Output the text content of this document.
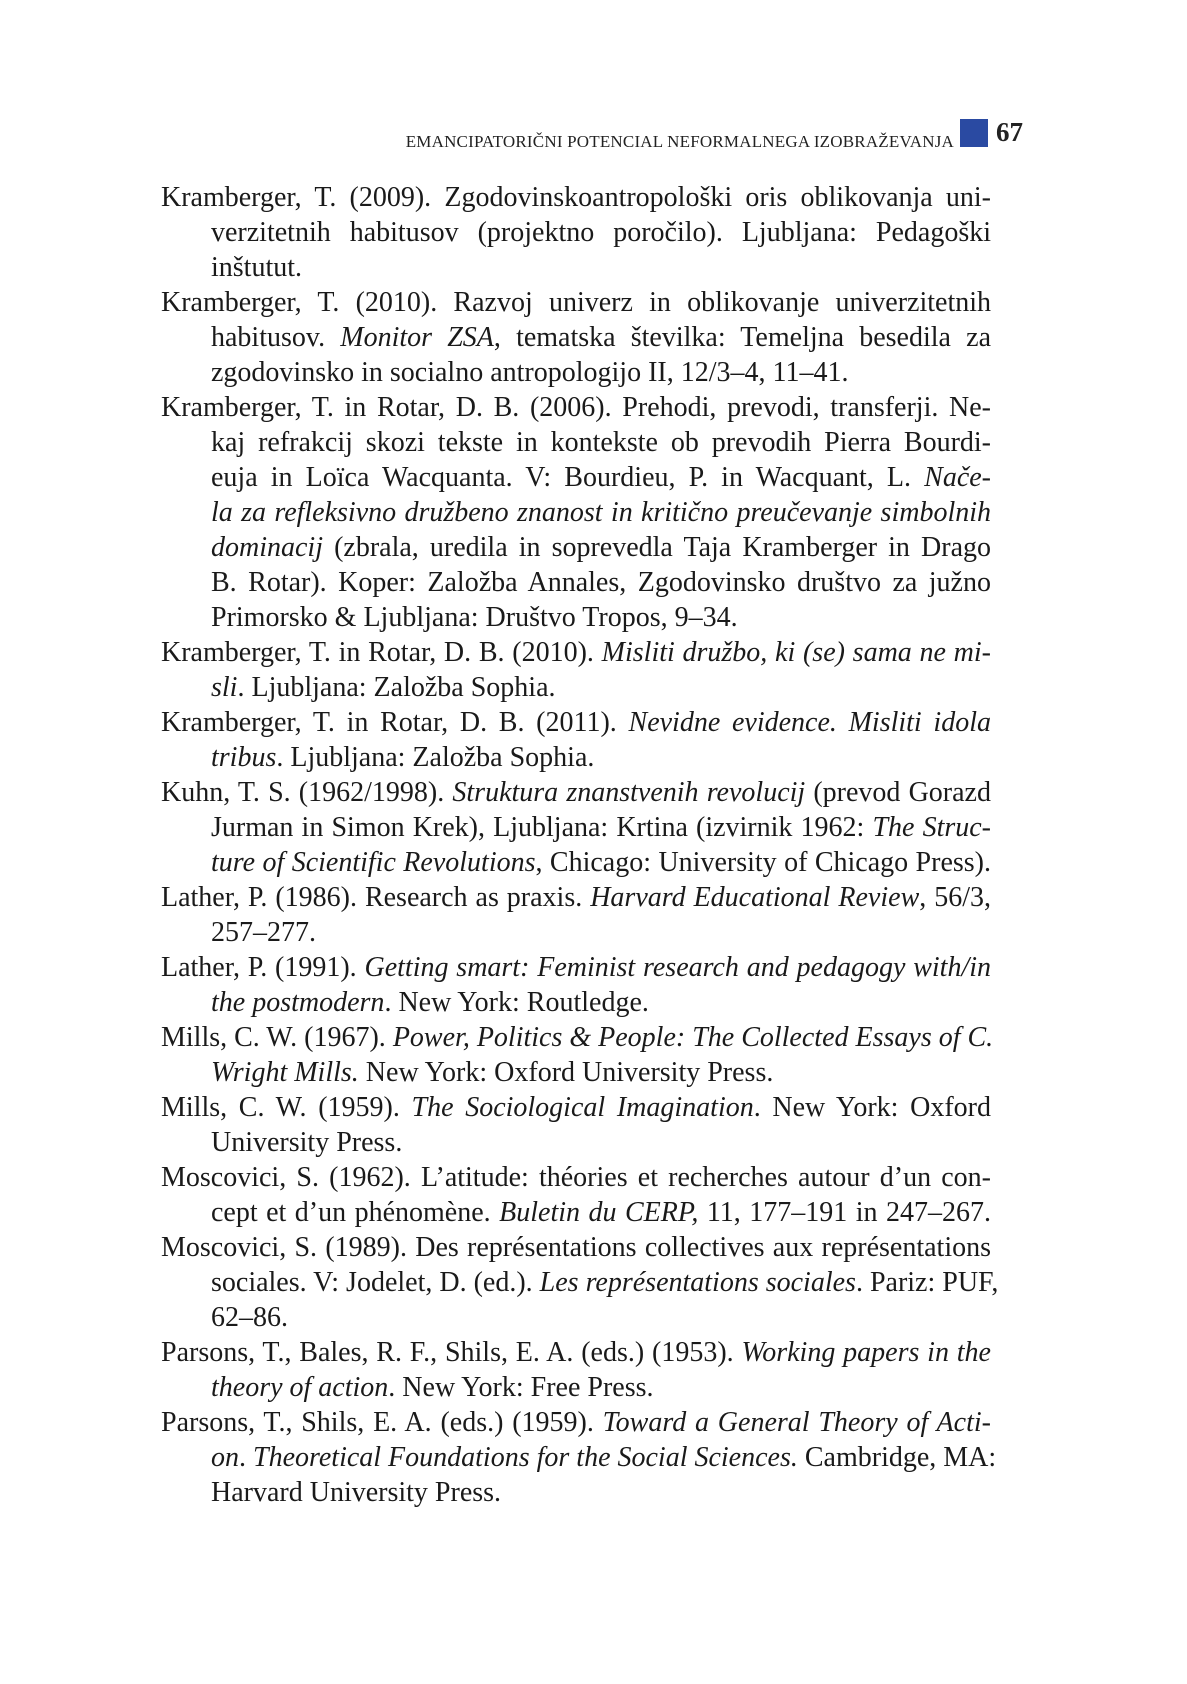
EMANCIPATORIČNI POTENCIAL NEFORMALNEGA IZOBRAŽEVANJA 67
Kramberger, T. (2009). Zgodovinskoantropološki oris oblikovanja uni-
verzitetnih habitusov (projektno poročilo). Ljubljana: Pedagoški
inštutut.
Kramberger, T. (2010). Razvoj univerz in oblikovanje univerzitetnih
habitusov. Monitor ZSA, tematska številka: Temeljna besedila za
zgodovinsko in socialno antropologijo II, 12/3–4, 11–41.
Kramberger, T. in Rotar, D. B. (2006). Prehodi, prevodi, transferji. Ne-
kaj refrakcij skozi tekste in kontekste ob prevodih Pierra Bourdi-
euja in Loïca Wacquanta. V: Bourdieu, P. in Wacquant, L. Nače-
la za refleksivno družbeno znanost in kritično preučevanje simbolnih
dominacij (zbrala, uredila in soprevedla Taja Kramberger in Drago
B. Rotar). Koper: Založba Annales, Zgodovinsko društvo za južno
Primorsko & Ljubljana: Društvo Tropos, 9–34.
Kramberger, T. in Rotar, D. B. (2010). Misliti družbo, ki (se) sama ne mi-
sli. Ljubljana: Založba Sophia.
Kramberger, T. in Rotar, D. B. (2011). Nevidne evidence. Misliti idola
tribus. Ljubljana: Založba Sophia.
Kuhn, T. S. (1962/1998). Struktura znanstvenih revolucij (prevod Gorazd
Jurman in Simon Krek), Ljubljana: Krtina (izvirnik 1962: The Struc-
ture of Scientific Revolutions, Chicago: University of Chicago Press).
Lather, P. (1986). Research as praxis. Harvard Educational Review, 56/3,
257–277.
Lather, P. (1991). Getting smart: Feminist research and pedagogy with/in
the postmodern. New York: Routledge.
Mills, C. W. (1967). Power, Politics & People: The Collected Essays of C.
Wright Mills. New York: Oxford University Press.
Mills, C. W. (1959). The Sociological Imagination. New York: Oxford
University Press.
Moscovici, S. (1962). L’atitude: théories et recherches autour d’un con-
cept et d’un phénomène. Buletin du CERP, 11, 177–191 in 247–267.
Moscovici, S. (1989). Des représentations collectives aux représentations
sociales. V: Jodelet, D. (ed.). Les représentations sociales. Pariz: PUF,
62–86.
Parsons, T., Bales, R. F., Shils, E. A. (eds.) (1953). Working papers in the
theory of action. New York: Free Press.
Parsons, T., Shils, E. A. (eds.) (1959). Toward a General Theory of Acti-
on. Theoretical Foundations for the Social Sciences. Cambridge, MA:
Harvard University Press.
